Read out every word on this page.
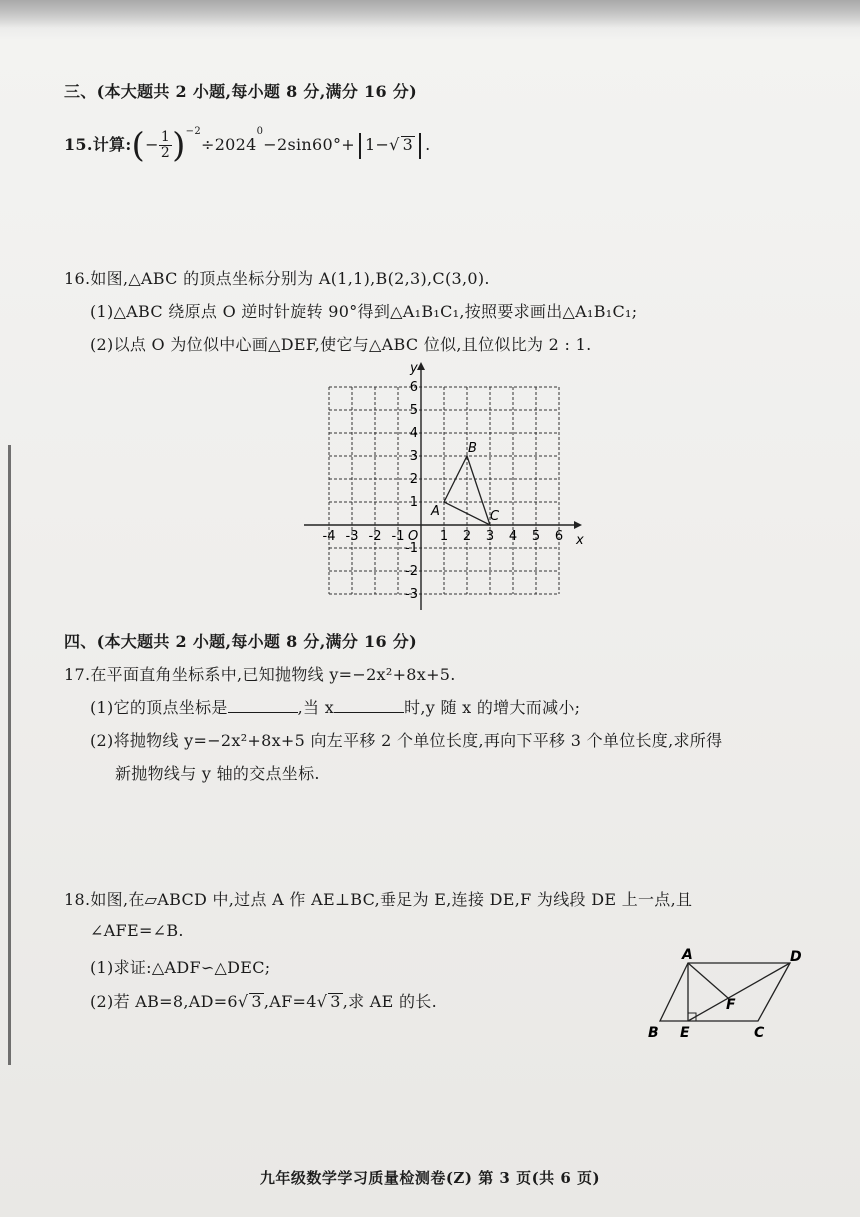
三、(本大题共 2 小题,每小题 8 分,满分 16 分)
15.计算:(− $\frac{1}{2} )^{-2}\div 2024^0-2\sin 60^\circ+ 1-√$ 3 .
16.如图,△ABC 的顶点坐标分别为 A(1,1),B(2,3),C(3,0).
(1)△ABC 绕原点 O 逆时针旋转 90°得到△A₁B₁C₁,按照要求画出△A₁B₁C₁;
(2)以点 O 为位似中心画△DEF,使它与△ABC 位似,且位似比为 2 : 1.
x
y
O
-4 -3 -2 -1	1 2 3 4 5 6
6
5
4
3
2
1
-1
-2
-3
A
B
C
四、(本大题共 2 小题,每小题 8 分,满分 16 分)
17.在平面直角坐标系中,已知抛物线 y=−2x²+8x+5.
(1)它的顶点坐标是	,当 x	时,y 随 x 的增大而减小;
(2)将抛物线 y=−2x²+8x+5 向左平移 2 个单位长度,再向下平移 3 个单位长度,求所得
新抛物线与 y 轴的交点坐标.
18.如图,在▱ABCD 中,过点 A 作 AE⊥BC,垂足为 E,连接 DE,F 为线段 DE 上一点,且
∠AFE=∠B.
(1)求证:△ADF∽△DEC;
(2)若 AB=8,AD=6√ 3 ,AF=4√ 3 ,求 AE 的长.
A	D
B E	C
F
九年级数学学习质量检测卷(Z) 第 3 页(共 6 页)
